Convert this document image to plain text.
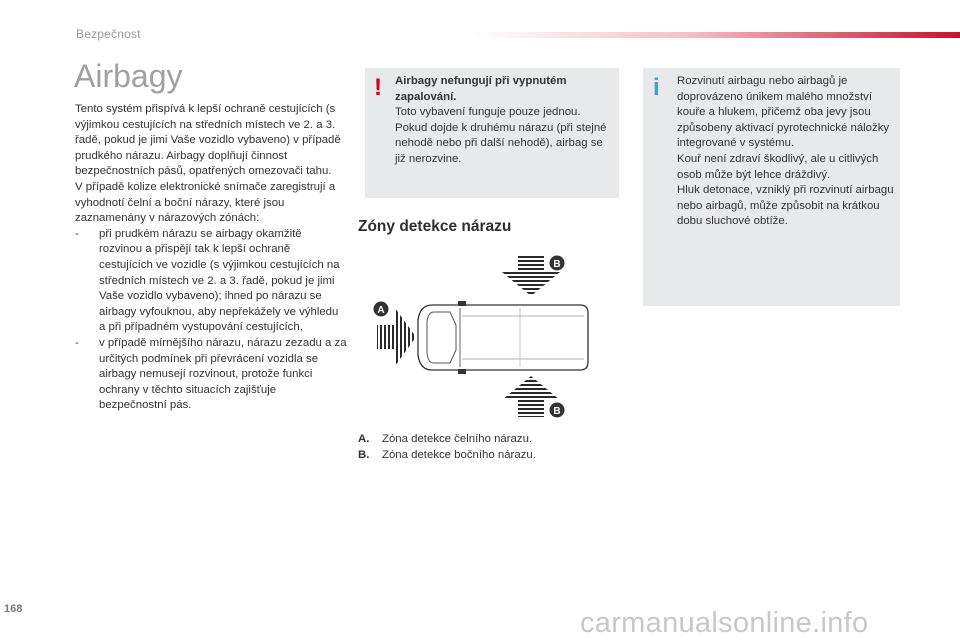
Bezpečnost
Airbagy

Tento systém přispívá k lepší ochraně cestujících (s výjimkou cestujících na středních místech ve 2. a 3. řadě, pokud je jimi Vaše vozidlo vybaveno) v případě prudkého nárazu. Airbagy doplňují činnost bezpečnostních pásů, opatřených omezovači tahu.

V případě kolize elektronické snímače zaregistrují a vyhodnotí čelní a boční nárazy, které jsou zaznamenány v nárazových zónách:

- při prudkém nárazu se airbagy okamžitě rozvinou a přispějí tak k lepší ochraně cestujících ve vozidle (s výjimkou cestujících na středních místech ve 2. a 3. řadě, pokud je jimi Vaše vozidlo vybaveno); ihned po nárazu se airbagy vyfouknou, aby nepřekážely ve výhledu a při případném vystupování cestujících,
- v případě mírnějšího nárazu, nárazu zezadu a za určitých podmínek při převrácení vozidla se airbagy nemusejí rozvinout, protože funkci ochrany v těchto situacích zajišťuje bezpečnostní pás.
! Airbagy nefungují při vypnutém zapalování.

Toto vybavení funguje pouze jednou.

Pokud dojde k druhému nárazu (při stejné nehodě nebo při další nehodě), airbag se již nerozvine.

i Rozvinutí airbagu nebo airbagů je doprovázeno únikem malého množství kouře a hlukem, přičemž oba jevy jsou způsobeny aktivací pyrotechnické náložky integrované v systému.

Kouř není zdraví škodlivý, ale u citlivých osob může být lehce dráždivý.

Hluk detonace, vzniklý při rozvinutí airbagu nebo airbagů, může způsobit na krátkou dobu sluchové obtíže.

Zóny detekce nárazu
A
B
B
A.	Zóna detekce čelního nárazu.
B.	Zóna detekce bočního nárazu.
168	carmanualsonline.info
